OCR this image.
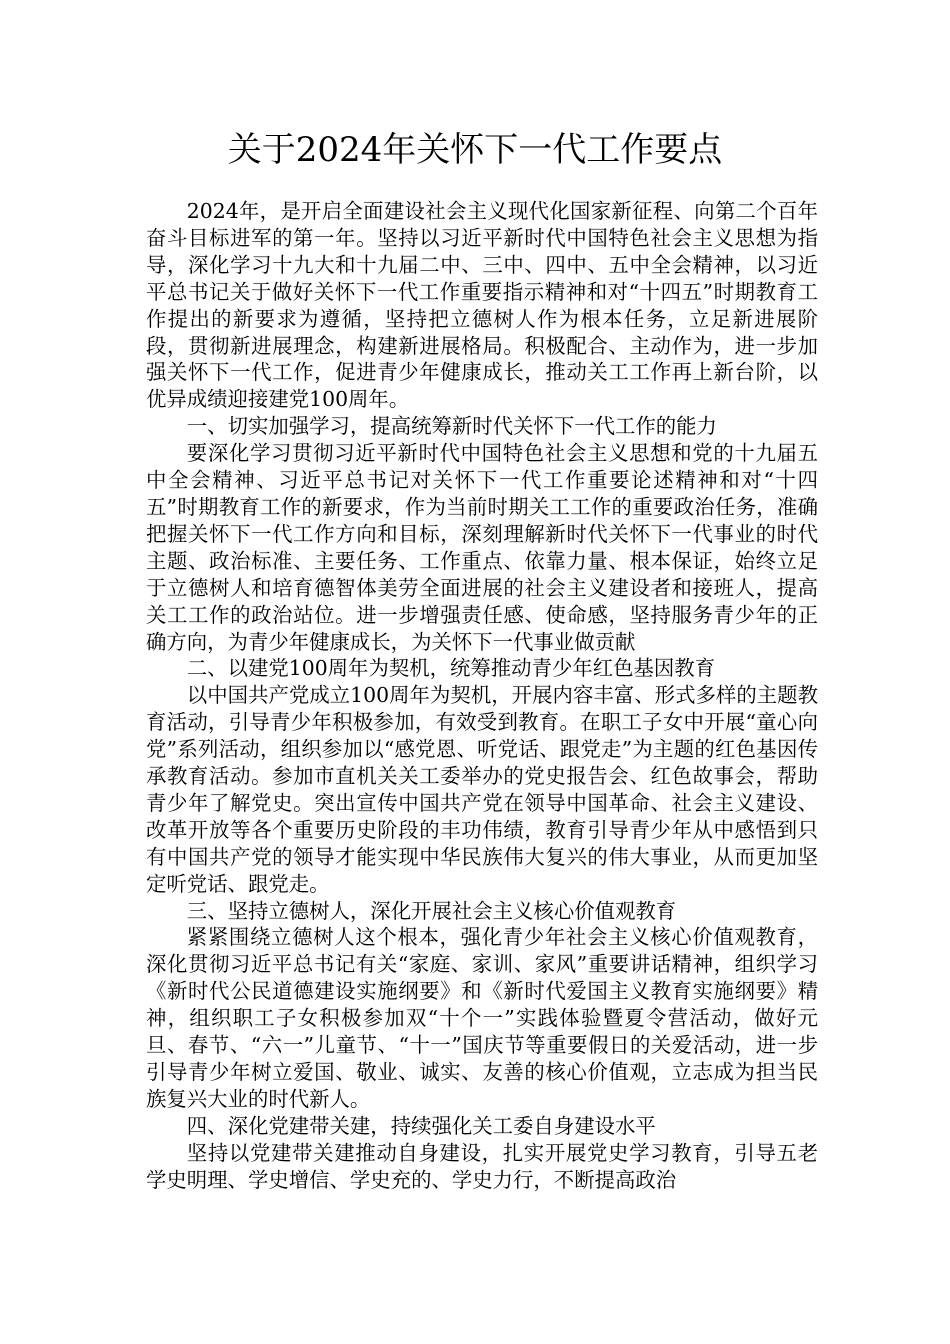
关于2024年关怀下一代工作要点

2024年，是开启全面建设社会主义现代化国家新征程、向第二个百年奋斗目标进军的第一年。坚持以习近平新时代中国特色社会主义思想为指导，深化学习十九大和十九届二中、三中、四中、五中全会精神，以习近平总书记关于做好关怀下一代工作重要指示精神和对“十四五”时期教育工作提出的新要求为遵循，坚持把立德树人作为根本任务，立足新进展阶段，贯彻新进展理念，构建新进展格局。积极配合、主动作为，进一步加强关怀下一代工作，促进青少年健康成长，推动关工工作再上新台阶，以优异成绩迎接建党100周年。

一、切实加强学习，提高统筹新时代关怀下一代工作的能力

要深化学习贯彻习近平新时代中国特色社会主义思想和党的十九届五中全会精神、习近平总书记对关怀下一代工作重要论述精神和对“十四五”时期教育工作的新要求，作为当前时期关工工作的重要政治任务，准确把握关怀下一代工作方向和目标，深刻理解新时代关怀下一代事业的时代主题、政治标准、主要任务、工作重点、依靠力量、根本保证，始终立足于立德树人和培育德智体美劳全面进展的社会主义建设者和接班人，提高关工工作的政治站位。进一步增强责任感、使命感，坚持服务青少年的正确方向，为青少年健康成长，为关怀下一代事业做贡献

二、以建党100周年为契机，统筹推动青少年红色基因教育

以中国共产党成立100周年为契机，开展内容丰富、形式多样的主题教育活动，引导青少年积极参加，有效受到教育。在职工子女中开展“童心向党”系列活动，组织参加以“感党恩、听党话、跟党走”为主题的红色基因传承教育活动。参加市直机关关工委举办的党史报告会、红色故事会，帮助青少年了解党史。突出宣传中国共产党在领导中国革命、社会主义建设、改革开放等各个重要历史阶段的丰功伟绩，教育引导青少年从中感悟到只有中国共产党的领导才能实现中华民族伟大复兴的伟大事业，从而更加坚定听党话、跟党走。

三、坚持立德树人，深化开展社会主义核心价值观教育

紧紧围绕立德树人这个根本，强化青少年社会主义核心价值观教育，深化贯彻习近平总书记有关“家庭、家训、家风”重要讲话精神，组织学习《新时代公民道德建设实施纲要》和《新时代爱国主义教育实施纲要》精神，组织职工子女积极参加双“十个一”实践体验暨夏令营活动，做好元旦、春节、“六一”儿童节、“十一”国庆节等重要假日的关爱活动，进一步引导青少年树立爱国、敬业、诚实、友善的核心价值观，立志成为担当民族复兴大业的时代新人。

四、深化党建带关建，持续强化关工委自身建设水平

坚持以党建带关建推动自身建设，扎实开展党史学习教育，引导五老学史明理、学史增信、学史充的、学史力行，不断提高政治
